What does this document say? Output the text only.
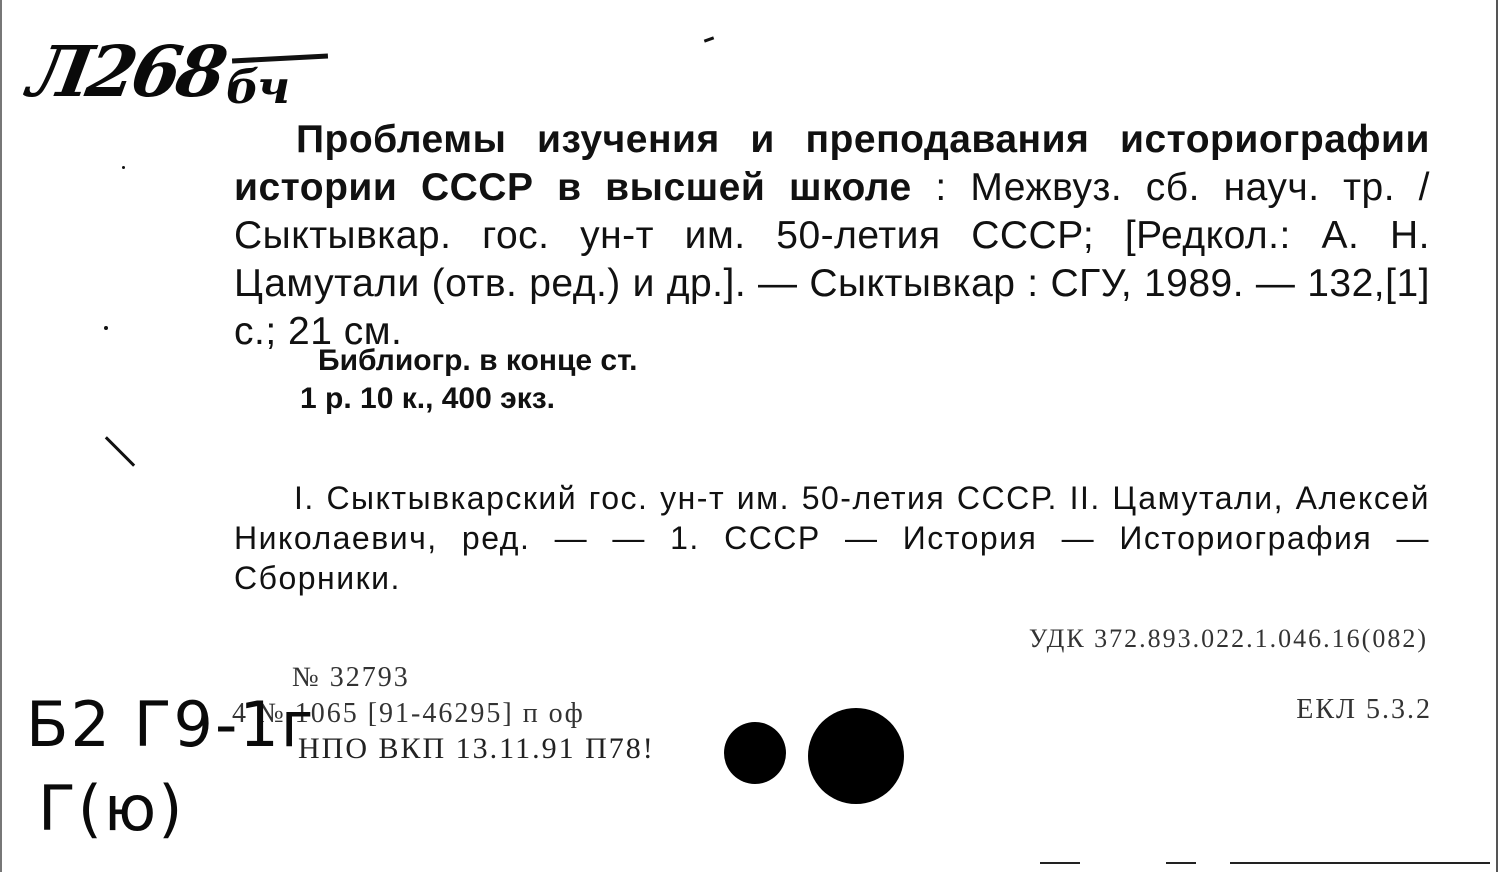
Л268
бч
Проблемы изучения и преподавания историографии истории СССР в высшей школе : Межвуз. сб. науч. тр. / Сыктывкар. гос. ун-т им. 50-летия СССР; [Редкол.: А. Н. Цамутали (отв. ред.) и др.]. — Сыктывкар : СГУ, 1989. — 132,[1] с.; 21 см.
Библиогр. в конце ст.
1 р. 10 к., 400 экз.
I. Сыктывкарский гос. ун-т им. 50-летия СССР. II. Цамутали, Алексей Николаевич, ред. — — 1. СССР — История — Историография — Сборники.
УДК 372.893.022.1.046.16(082)
№ 32793
4 № 1065 [91-46295] п оф	ЕКЛ 5.3.2
НПО ВКП 13.11.91 П78!
Б2 Г9-1г
Г(ю)
